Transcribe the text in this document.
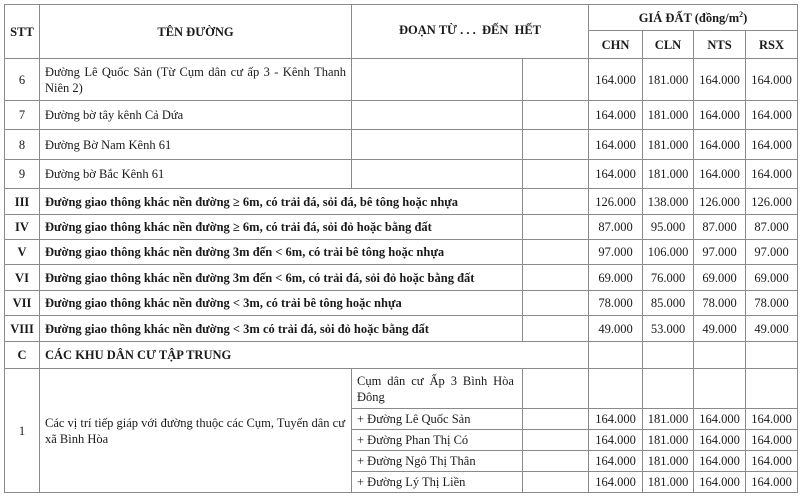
STT	TÊN ĐƯỜNG	ĐOẠN TỪ . . .  ĐẾN  HẾT		GIÁ ĐẤT $(đồng/m^2)$			
				CHN	CLN	NTS	RSX
6	Đường Lê Quốc Sản (Từ Cụm dân cư ấp 3 - Kênh Thanh Niên 2)			164.000	181.000	164.000	164.000
7	Đường bờ tây kênh Cả Dứa			164.000	181.000	164.000	164.000
8	Đường Bờ Nam Kênh 61			164.000	181.000	164.000	164.000
9	Đường bờ Bắc Kênh 61			164.000	181.000	164.000	164.000
III	Đường giao thông khác nền đường ≥ 6m, có trải đá, sỏi đá, bê tông hoặc nhựa			126.000	138.000	126.000	126.000
IV	Đường giao thông khác nền đường ≥ 6m, có trải đá, sỏi đỏ hoặc bằng đất			87.000	95.000	87.000	87.000
V	Đường giao thông khác nền đường 3m đến < 6m, có trải bê tông hoặc nhựa			97.000	106.000	97.000	97.000
VI	Đường giao thông khác nền đường 3m đến < 6m, có trải đá, sỏi đỏ hoặc bằng đất			69.000	76.000	69.000	69.000
VII	Đường giao thông khác nền đường < 3m, có trải bê tông hoặc nhựa			78.000	85.000	78.000	78.000
VIII	Đường giao thông khác nền đường < 3m có trải đá, sỏi đỏ hoặc bằng đất			49.000	53.000	49.000	49.000
C	CÁC KHU DÂN CƯ TẬP TRUNG						
1	Các vị trí tiếp giáp với đường thuộc các Cụm, Tuyến dân cư xã Bình Hòa	Cụm dân cư Ấp 3 Bình Hòa Đông					
		+ Đường Lê Quốc Sản		164.000	181.000	164.000	164.000
		+ Đường Phan Thị Có		164.000	181.000	164.000	164.000
		+ Đường Ngô Thị Thân		164.000	181.000	164.000	164.000
		+ Đường Lý Thị Liền		164.000	181.000	164.000	164.000
